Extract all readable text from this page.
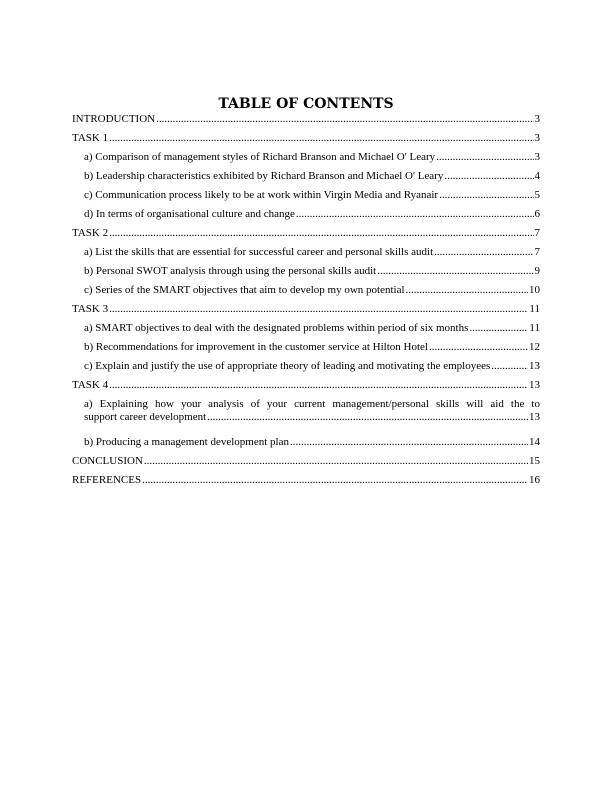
TABLE OF CONTENTS
INTRODUCTION .....	3
TASK 1 .....	3
a) Comparison of management styles of Richard Branson and Michael O' Leary .....	3
b) Leadership characteristics exhibited by Richard Branson and Michael O' Leary .....	4
c) Communication process likely to be at work within Virgin Media and Ryanair .....	5
d) In terms of organisational culture and change .....	6
TASK 2 .....	7
a) List the skills that are essential for successful career and personal skills audit .....	7
b) Personal SWOT analysis through using the personal skills audit .....	9
c) Series of the SMART objectives that aim to develop my own potential .....	10
TASK 3 .....	11
a) SMART objectives to deal with the designated problems within period of six months .....	11
b) Recommendations for improvement in the customer service at Hilton Hotel .....	12
c) Explain and justify the use of appropriate theory of leading and motivating the employees .....	13
TASK 4 .....	13
a) Explaining how your analysis of your current management/personal skills will aid the to
support career development .....	13
b) Producing a management development plan .....	14
CONCLUSION .....	15
REFERENCES .....	16
